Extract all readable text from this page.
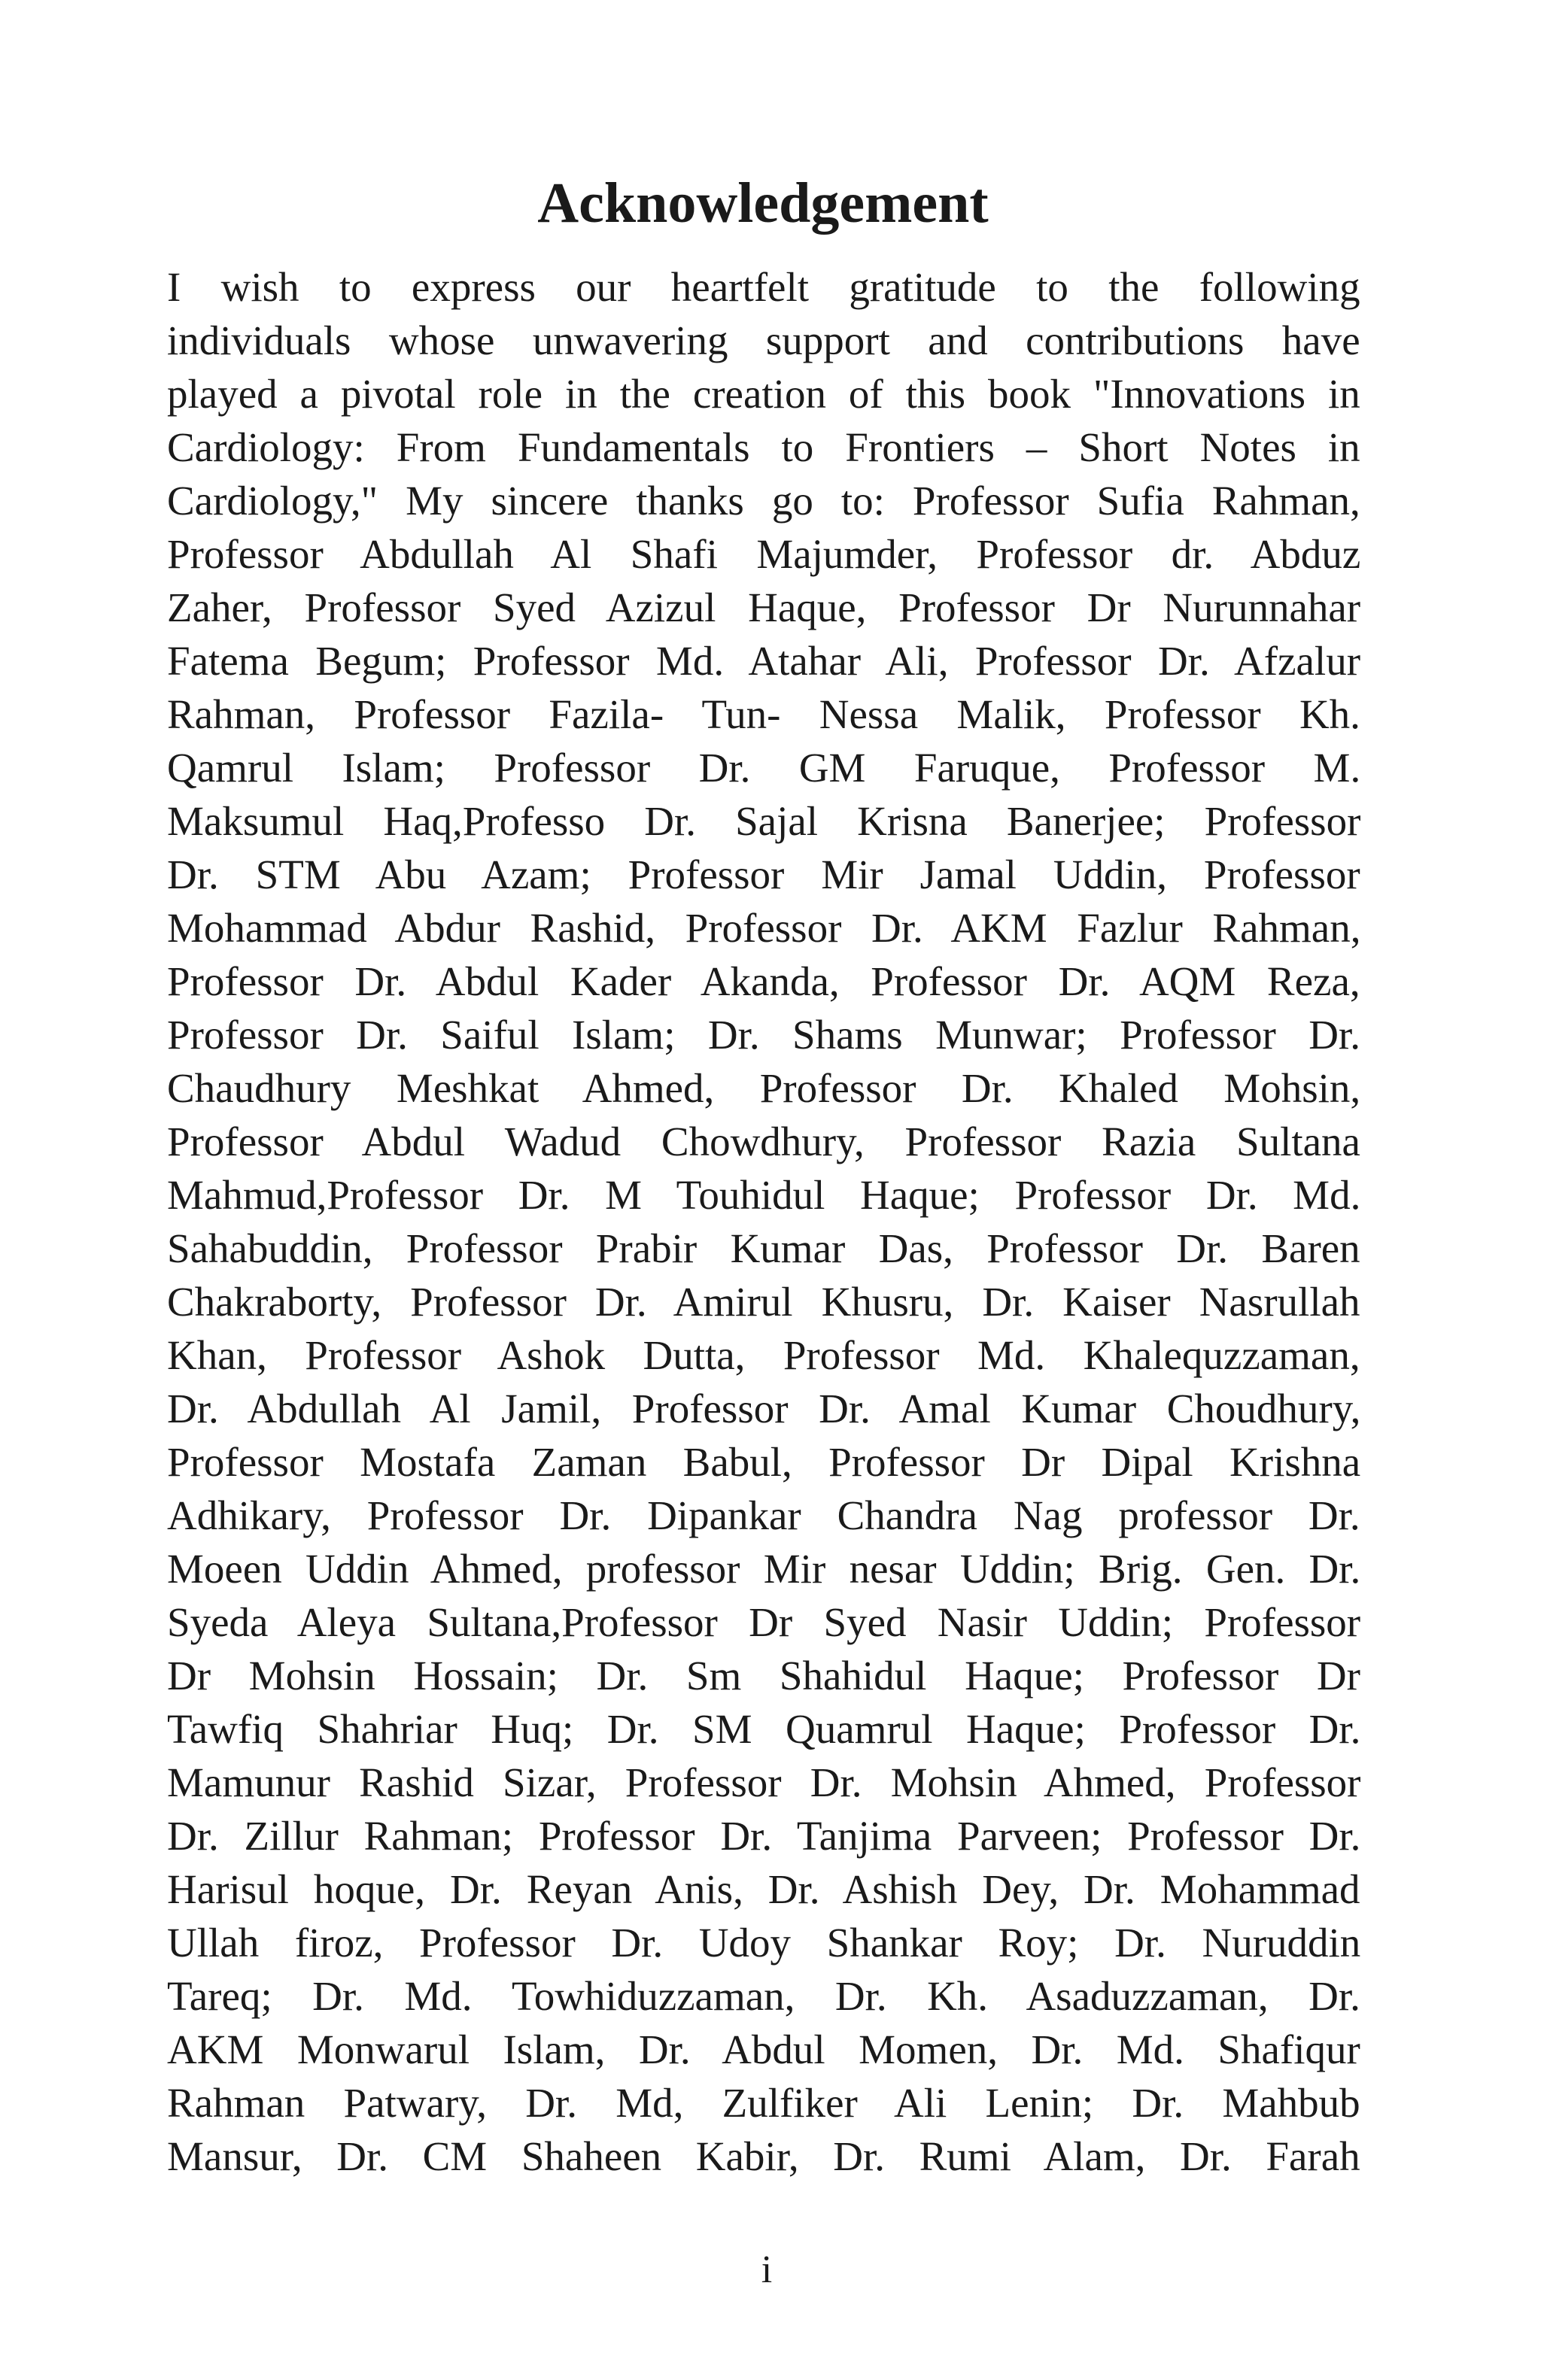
Acknowledgement
I wish to express our heartfelt gratitude to the following
individuals whose unwavering support and contributions have
played a pivotal role in the creation of this book "Innovations in
Cardiology: From Fundamentals to Frontiers – Short Notes in
Cardiology," My sincere thanks go to: Professor Sufia Rahman,
Professor Abdullah Al Shafi Majumder, Professor dr. Abduz
Zaher, Professor Syed Azizul Haque, Professor Dr Nurunnahar
Fatema Begum; Professor Md. Atahar Ali, Professor Dr. Afzalur
Rahman, Professor Fazila- Tun- Nessa Malik, Professor Kh.
Qamrul Islam; Professor Dr. GM Faruque, Professor M.
Maksumul Haq,Professo Dr. Sajal Krisna Banerjee; Professor
Dr. STM Abu Azam; Professor Mir Jamal Uddin, Professor
Mohammad Abdur Rashid, Professor Dr. AKM Fazlur Rahman,
Professor Dr. Abdul Kader Akanda, Professor Dr. AQM Reza,
Professor Dr. Saiful Islam; Dr. Shams Munwar; Professor Dr.
Chaudhury Meshkat Ahmed, Professor Dr. Khaled Mohsin,
Professor Abdul Wadud Chowdhury, Professor Razia Sultana
Mahmud,Professor Dr. M Touhidul Haque; Professor Dr. Md.
Sahabuddin, Professor Prabir Kumar Das, Professor Dr. Baren
Chakraborty, Professor Dr. Amirul Khusru, Dr. Kaiser Nasrullah
Khan, Professor Ashok Dutta, Professor Md. Khalequzzaman,
Dr. Abdullah Al Jamil, Professor Dr. Amal Kumar Choudhury,
Professor Mostafa Zaman Babul, Professor Dr Dipal Krishna
Adhikary, Professor Dr. Dipankar Chandra Nag professor Dr.
Moeen Uddin Ahmed, professor Mir nesar Uddin; Brig. Gen. Dr.
Syeda Aleya Sultana,Professor Dr Syed Nasir Uddin; Professor
Dr Mohsin Hossain; Dr. Sm Shahidul Haque; Professor Dr
Tawfiq Shahriar Huq; Dr. SM Quamrul Haque; Professor Dr.
Mamunur Rashid Sizar, Professor Dr. Mohsin Ahmed, Professor
Dr. Zillur Rahman; Professor Dr. Tanjima Parveen; Professor Dr.
Harisul hoque, Dr. Reyan Anis, Dr. Ashish Dey, Dr. Mohammad
Ullah firoz, Professor Dr. Udoy Shankar Roy; Dr. Nuruddin
Tareq; Dr. Md. Towhiduzzaman, Dr. Kh. Asaduzzaman, Dr.
AKM Monwarul Islam, Dr. Abdul Momen, Dr. Md. Shafiqur
Rahman Patwary, Dr. Md, Zulfiker Ali Lenin; Dr. Mahbub
Mansur, Dr. CM Shaheen Kabir, Dr. Rumi Alam, Dr. Farah
i
